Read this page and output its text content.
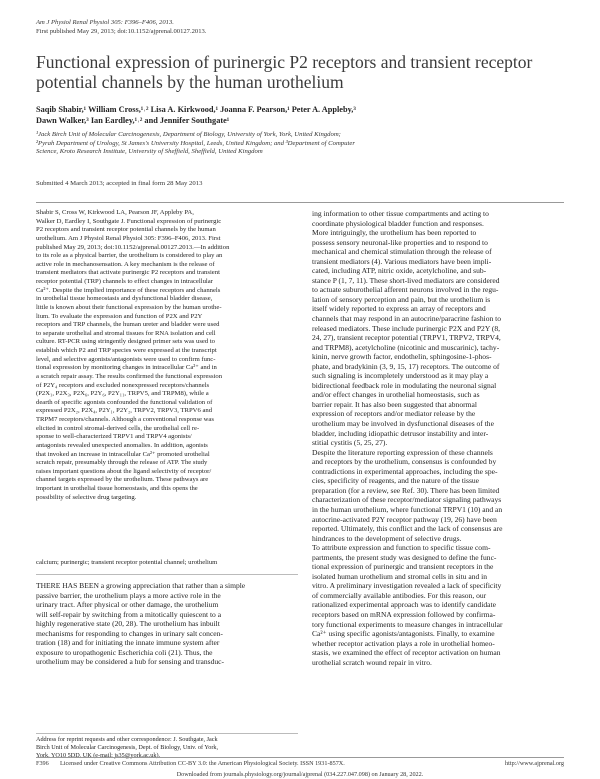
Am J Physiol Renal Physiol 305: F396–F406, 2013.
First published May 29, 2013; doi:10.1152/ajprenal.00127.2013.
Functional expression of purinergic P2 receptors and transient receptor
potential channels by the human urothelium
Saqib Shabir,¹ William Cross,¹˒² Lisa A. Kirkwood,¹ Joanna F. Pearson,¹ Peter A. Appleby,³
Dawn Walker,³ Ian Eardley,¹˒² and Jennifer Southgate¹
¹Jack Birch Unit of Molecular Carcinogenesis, Department of Biology, University of York, York, United Kingdom;
²Pyrah Department of Urology, St James's University Hospital, Leeds, United Kingdom; and ³Department of Computer
Science, Kroto Research Institute, University of Sheffield, Sheffield, United Kingdom
Submitted 4 March 2013; accepted in final form 28 May 2013
Shabir S, Cross W, Kirkwood LA, Pearson JF, Appleby PA,
Walker D, Eardley I, Southgate J. Functional expression of purinergic
P2 receptors and transient receptor potential channels by the human
urothelium. Am J Physiol Renal Physiol 305: F396–F406, 2013. First
published May 29, 2013; doi:10.1152/ajprenal.00127.2013.—In addition
to its role as a physical barrier, the urothelium is considered to play an
active role in mechanosensation. A key mechanism is the release of
transient mediators that activate purinergic P2 receptors and transient
receptor potential (TRP) channels to effect changes in intracellular
Ca²⁺. Despite the implied importance of these receptors and channels
in urothelial tissue homeostasis and dysfunctional bladder disease,
little is known about their functional expression by the human urothe-
lium. To evaluate the expression and function of P2X and P2Y
receptors and TRP channels, the human ureter and bladder were used
to separate urothelial and stromal tissues for RNA isolation and cell
culture. RT-PCR using stringently designed primer sets was used to
establish which P2 and TRP species were expressed at the transcript
level, and selective agonists/antagonists were used to confirm func-
tional expression by monitoring changes in intracellular Ca²⁺ and in
a scratch repair assay. The results confirmed the functional expression
of P2Y₄ receptors and excluded nonexpressed receptors/channels
(P2X₁, P2X₃, P2X₆, P2Y₆, P2Y₁₁, TRPV5, and TRPM8), while a
dearth of specific agonists confounded the functional validation of
expressed P2X₂, P2X₄, P2Y₁, P2Y₂, TRPV2, TRPV3, TRPV6 and
TRPM7 receptors/channels. Although a conventional response was
elicited in control stromal-derived cells, the urothelial cell re-
sponse to well-characterized TRPV1 and TRPV4 agonists/
antagonists revealed unexpected anomalies. In addition, agonists
that invoked an increase in intracellular Ca²⁺ promoted urothelial
scratch repair, presumably through the release of ATP. The study
raises important questions about the ligand selectivity of receptor/
channel targets expressed by the urothelium. These pathways are
important in urothelial tissue homeostasis, and this opens the
possibility of selective drug targeting.
calcium; purinergic; transient receptor potential channel; urothelium
THERE HAS BEEN a growing appreciation that rather than a simple
passive barrier, the urothelium plays a more active role in the
urinary tract. After physical or other damage, the urothelium
will self-repair by switching from a mitotically quiescent to a
highly regenerative state (20, 28). The urothelium has inbuilt
mechanisms for responding to changes in urinary salt concen-
tration (18) and for initiating the innate immune system after
exposure to uropathogenic Escherichia coli (21). Thus, the
urothelium may be considered a hub for sensing and transduc-
ing information to other tissue compartments and acting to
coordinate physiological bladder function and responses.
More intriguingly, the urothelium has been reported to
possess sensory neuronal-like properties and to respond to
mechanical and chemical stimulation through the release of
transient mediators (4). Various mediators have been impli-
cated, including ATP, nitric oxide, acetylcholine, and sub-
stance P (1, 7, 11). These short-lived mediators are considered
to actuate suburothelial afferent neurons involved in the regu-
lation of sensory perception and pain, but the urothelium is
itself widely reported to express an array of receptors and
channels that may respond in an autocrine/paracrine fashion to
released mediators. These include purinergic P2X and P2Y (8,
24, 27), transient receptor potential (TRPV1, TRPV2, TRPV4,
and TRPM8), acetylcholine (nicotinic and muscarinic), tachy-
kinin, nerve growth factor, endothelin, sphingosine-1-phos-
phate, and bradykinin (3, 9, 15, 17) receptors. The outcome of
such signaling is incompletely understood as it may play a
bidirectional feedback role in modulating the neuronal signal
and/or effect changes in urothelial homeostasis, such as
barrier repair. It has also been suggested that abnormal
expression of receptors and/or mediator release by the
urothelium may be involved in dysfunctional diseases of the
bladder, including idiopathic detrusor instability and inter-
stitial cystitis (5, 25, 27).
Despite the literature reporting expression of these channels
and receptors by the urothelium, consensus is confounded by
contradictions in experimental approaches, including the spe-
cies, specificity of reagents, and the nature of the tissue
preparation (for a review, see Ref. 30). There has been limited
characterization of these receptor/mediator signaling pathways
in the human urothelium, where functional TRPV1 (10) and an
autocrine-activated P2Y receptor pathway (19, 26) have been
reported. Ultimately, this conflict and the lack of consensus are
hindrances to the development of selective drugs.
To attribute expression and function to specific tissue com-
partments, the present study was designed to define the func-
tional expression of purinergic and transient receptors in the
isolated human urothelium and stromal cells in situ and in
vitro. A preliminary investigation revealed a lack of specificity
of commercially available antibodies. For this reason, our
rationalized experimental approach was to identify candidate
receptors based on mRNA expression followed by confirma-
tory functional experiments to measure changes in intracellular
Ca²⁺ using specific agonists/antagonists. Finally, to examine
whether receptor activation plays a role in urothelial homeo-
stasis, we examined the effect of receptor activation on human
urothelial scratch wound repair in vitro.
Address for reprint requests and other correspondence: J. Southgate, Jack
Birch Unit of Molecular Carcinogenesis, Dept. of Biology, Univ. of York,
York, YO10 5DD, UK (e-mail: js35@york.ac.uk).
F396 Licensed under Creative Commons Attribution CC-BY 3.0: the American Physiological Society. ISSN 1931-857X.	http://www.ajprenal.org
Downloaded from journals.physiology.org/journal/ajprenal (034.227.047.098) on January 28, 2022.
